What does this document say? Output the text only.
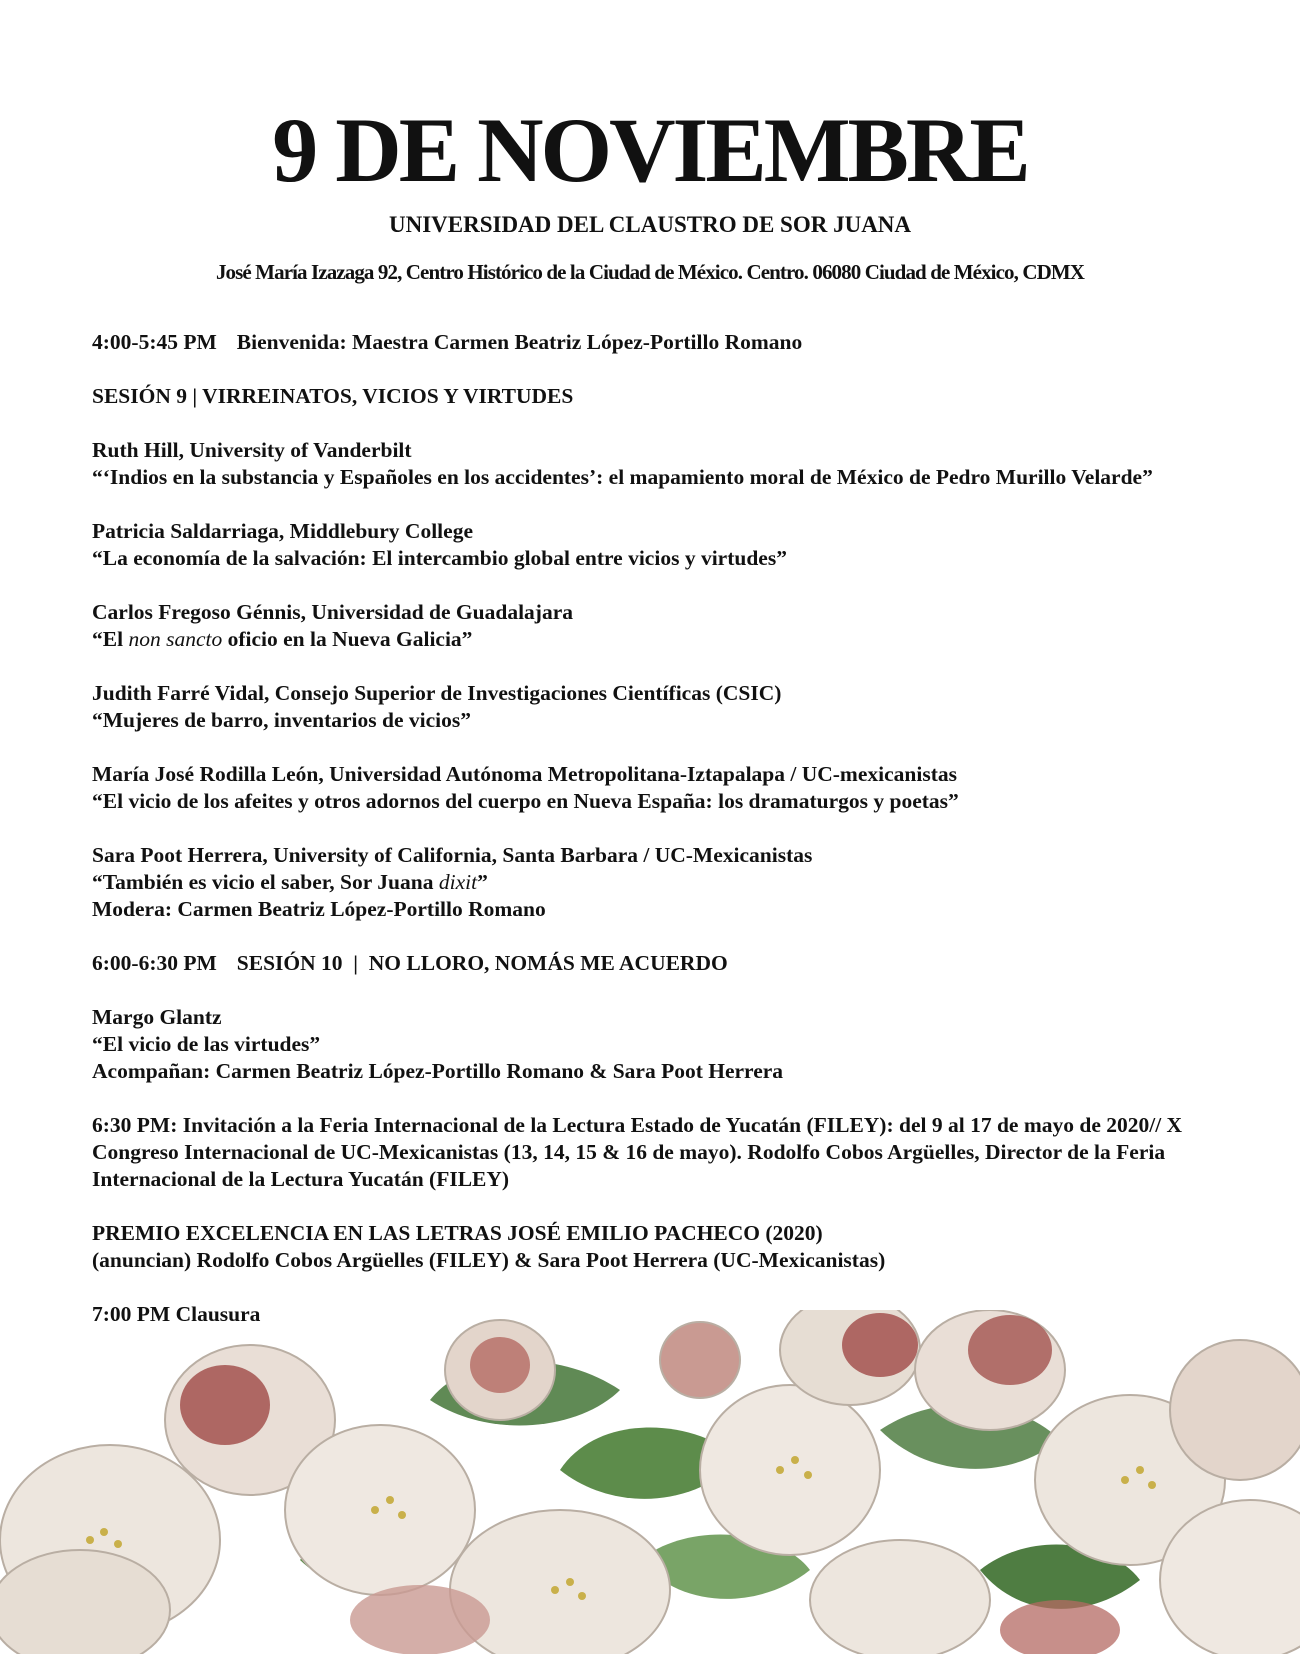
9 DE NOVIEMBRE
UNIVERSIDAD DEL CLAUSTRO DE SOR JUANA
José María Izazaga 92, Centro Histórico de la Ciudad de México. Centro. 06080 Ciudad de México, CDMX
4:00-5:45 PM Bienvenida: Maestra Carmen Beatriz López-Portillo Romano
SESIÓN 9 | VIRREINATOS, VICIOS Y VIRTUDES
Ruth Hill, University of Vanderbilt
“‘Indios en la substancia y Españoles en los accidentes’: el mapamiento moral de México de Pedro Murillo Velarde”
Patricia Saldarriaga, Middlebury College
“La economía de la salvación: El intercambio global entre vicios y virtudes”
Carlos Fregoso Génnis, Universidad de Guadalajara
“El non sancto oficio en la Nueva Galicia”
Judith Farré Vidal, Consejo Superior de Investigaciones Científicas (CSIC)
“Mujeres de barro, inventarios de vicios”
María José Rodilla León, Universidad Autónoma Metropolitana-Iztapalapa / UC-mexicanistas
“El vicio de los afeites y otros adornos del cuerpo en Nueva España: los dramaturgos y poetas”
Sara Poot Herrera, University of California, Santa Barbara / UC-Mexicanistas
“También es vicio el saber, Sor Juana dixit”
Modera: Carmen Beatriz López-Portillo Romano
6:00-6:30 PM SESIÓN 10  |  NO LLORO, NOMÁS ME ACUERDO
Margo Glantz
“El vicio de las virtudes”
Acompañan: Carmen Beatriz López-Portillo Romano & Sara Poot Herrera
6:30 PM: Invitación a la Feria Internacional de la Lectura Estado de Yucatán (FILEY): del 9 al 17 de mayo de 2020// X Congreso Internacional de UC-Mexicanistas (13, 14, 15 & 16 de mayo). Rodolfo Cobos Argüelles, Director de la Feria Internacional de la Lectura Yucatán (FILEY)
PREMIO EXCELENCIA EN LAS LETRAS JOSÉ EMILIO PACHECO (2020)
(anuncian) Rodolfo Cobos Argüelles (FILEY) & Sara Poot Herrera (UC-Mexicanistas)
7:00 PM Clausura
